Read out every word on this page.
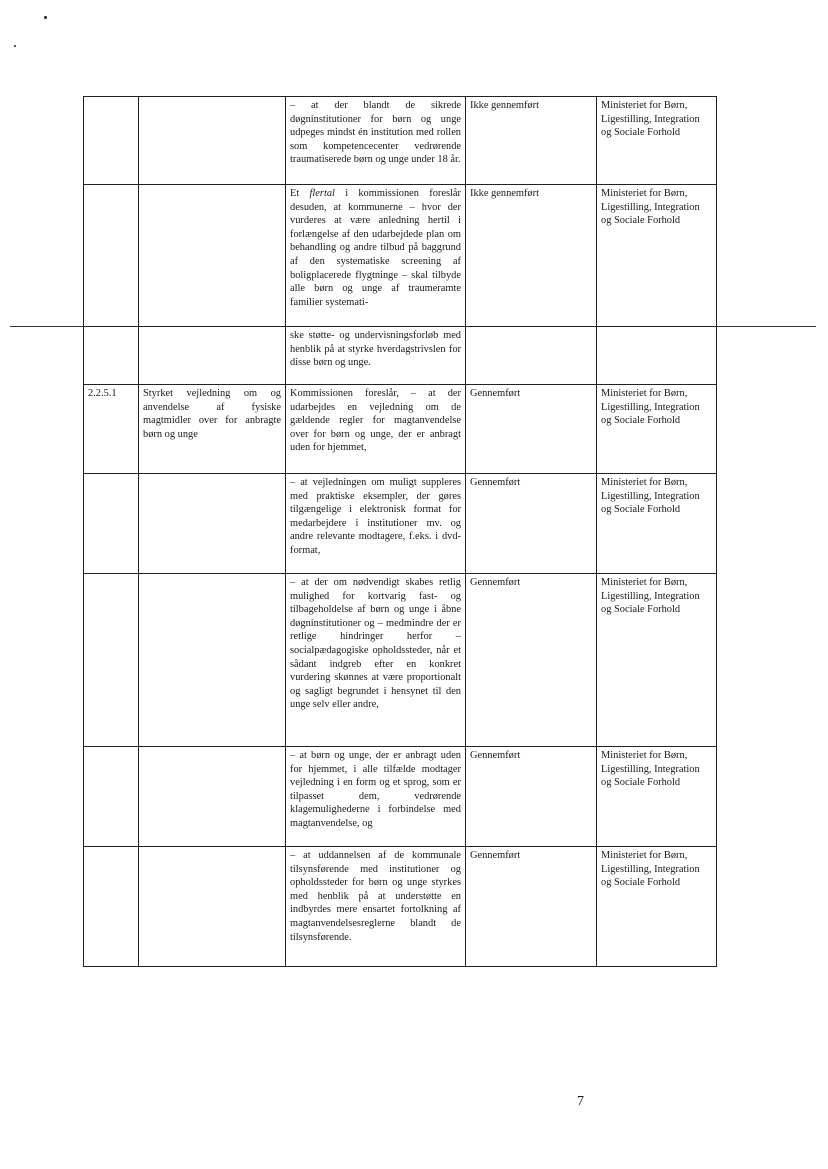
		– at der blandt de sikrede døgninstitutioner for børn og unge udpeges mindst én institution med rollen som kompetencecenter vedrørende traumatiserede børn og unge under 18 år.	Ikke gennemført	Ministeriet for Børn, Ligestilling, Integration og Sociale Forhold
		Et flertal i kommissionen foreslår desuden, at kommunerne – hvor der vurderes at være anledning hertil i forlængelse af den udarbejdede plan om behandling og andre tilbud på baggrund af den systematiske screening af boligplacerede flygtninge – skal tilbyde alle børn og unge af traumeramte familier systemati-	Ikke gennemført	Ministeriet for Børn, Ligestilling, Integration og Sociale Forhold
		ske støtte- og undervisningsforløb med henblik på at styrke hverdagstrivslen for disse børn og unge.		
2.2.5.1	Styrket vejledning om og anvendelse af fysiske magtmidler over for anbragte børn og unge	Kommissionen foreslår, – at der udarbejdes en vejledning om de gældende regler for magtanvendelse over for børn og unge, der er anbragt uden for hjemmet,	Gennemført	Ministeriet for Børn, Ligestilling, Integration og Sociale Forhold
		– at vejledningen om muligt suppleres med praktiske eksempler, der gøres tilgængelige i elektronisk format for medarbejdere i institutioner mv. og andre relevante modtagere, f.eks. i dvd-format,	Gennemført	Ministeriet for Børn, Ligestilling, Integration og Sociale Forhold
		– at der om nødvendigt skabes retlig mulighed for kortvarig fast- og tilbageholdelse af børn og unge i åbne døgninstitutioner og – medmindre der er retlige hindringer herfor – socialpædagogiske opholdssteder, når et sådant indgreb efter en konkret vurdering skønnes at være proportionalt og sagligt begrundet i hensynet til den unge selv eller andre,	Gennemført	Ministeriet for Børn, Ligestilling, Integration og Sociale Forhold
		– at børn og unge, der er anbragt uden for hjemmet, i alle tilfælde modtager vejledning i en form og et sprog, som er tilpasset dem, vedrørende klagemulighederne i forbindelse med magtanvendelse, og	Gennemført	Ministeriet for Børn, Ligestilling, Integration og Sociale Forhold
		– at uddannelsen af de kommunale tilsynsførende med institutioner og opholdssteder for børn og unge styrkes med henblik på at understøtte en indbyrdes mere ensartet fortolkning af magtanvendelsesreglerne blandt de tilsynsførende.	Gennemført	Ministeriet for Børn, Ligestilling, Integration og Sociale Forhold
7
